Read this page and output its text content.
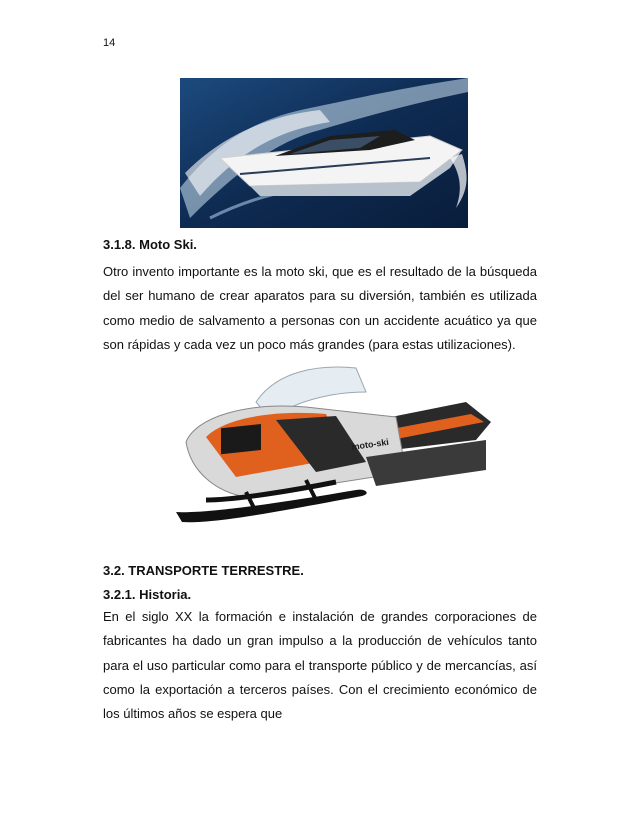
14
3.1.8. Moto Ski.

Otro invento importante es la moto ski, que es el resultado de la búsqueda del ser humano de crear aparatos para su diversión, también es utilizada como medio de salvamento a personas con un accidente acuático ya que son rápidas y cada vez un poco más grandes (para estas utilizaciones).

moto-ski
3.2. TRANSPORTE TERRESTRE.
3.2.1. Historia.

En el siglo XX la formación e instalación de grandes corporaciones de fabricantes ha dado un gran impulso a la producción de vehículos tanto para el uso particular como para el transporte público y de mercancías, así como la exportación a terceros países. Con el crecimiento económico de los últimos años se espera que
